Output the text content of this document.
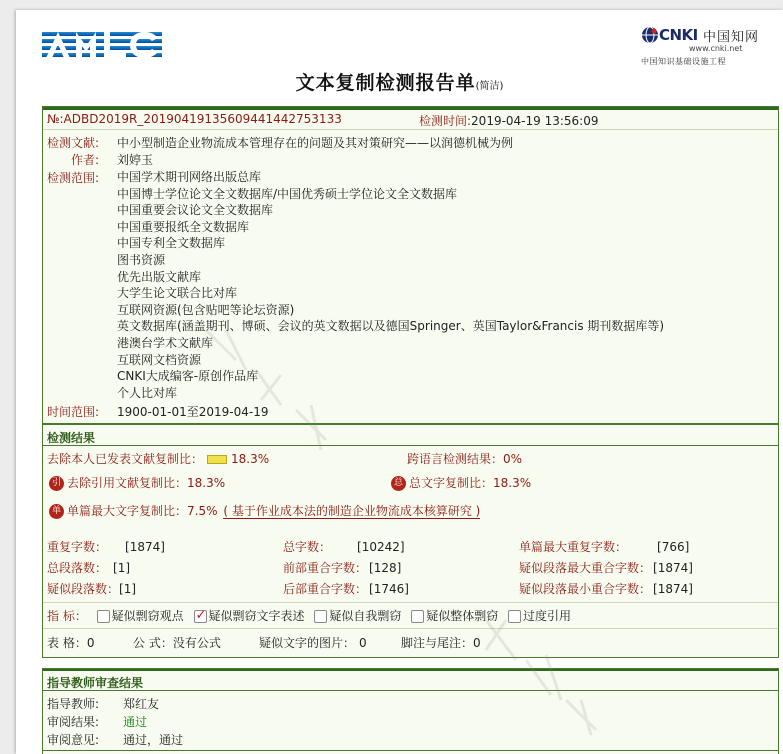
CNKI 中国知网
www.cnki.net
中国知识基础设施工程
文本复制检测报告单(简洁)
№:ADBD2019R_20190419135609441442753133	检测时间:2019-04-19 13:56:09
检测文献: 中小型制造企业物流成本管理存在的问题及其对策研究——以润德机械为例
作者: 刘婷玉
检测范围: 中国学术期刊网络出版总库
中国博士学位论文全文数据库/中国优秀硕士学位论文全文数据库
中国重要会议论文全文数据库
中国重要报纸全文数据库
中国专利全文数据库
图书资源
优先出版文献库
大学生论文联合比对库
互联网资源(包含贴吧等论坛资源)
英文数据库(涵盖期刊、博硕、会议的英文数据以及德国Springer、英国Taylor&Francis 期刊数据库等)
港澳台学术文献库
互联网文档资源
CNKI大成编客-原创作品库
个人比对库
时间范围: 1900-01-01至2019-04-19
检测结果
去除本人已发表文献复制比： 18.3%	跨语言检测结果：0%
引 去除引用文献复制比：18.3%	总 总文字复制比：18.3%
单 单篇最大文字复制比：7.5% ( 基于作业成本法的制造企业物流成本核算研究 )
重复字数： [1874]	总字数： [10242]	单篇最大重复字数：	[766]
总段落数： [1]	前部重合字数： [128]	疑似段落最大重合字数： [1874]
疑似段落数：[1]	后部重合字数： [1746]	疑似段落最小重合字数： [1874]
指 标： 疑似剽窃观点 ✓ 疑似剽窃文字表述 疑似自我剽窃 疑似整体剽窃 过度引用
表 格：0	公 式：没有公式	疑似文字的图片： 0	脚注与尾注：0
指导教师审查结果
指导教师: 郑红友
审阅结果: 通过
审阅意见: 通过，通过
